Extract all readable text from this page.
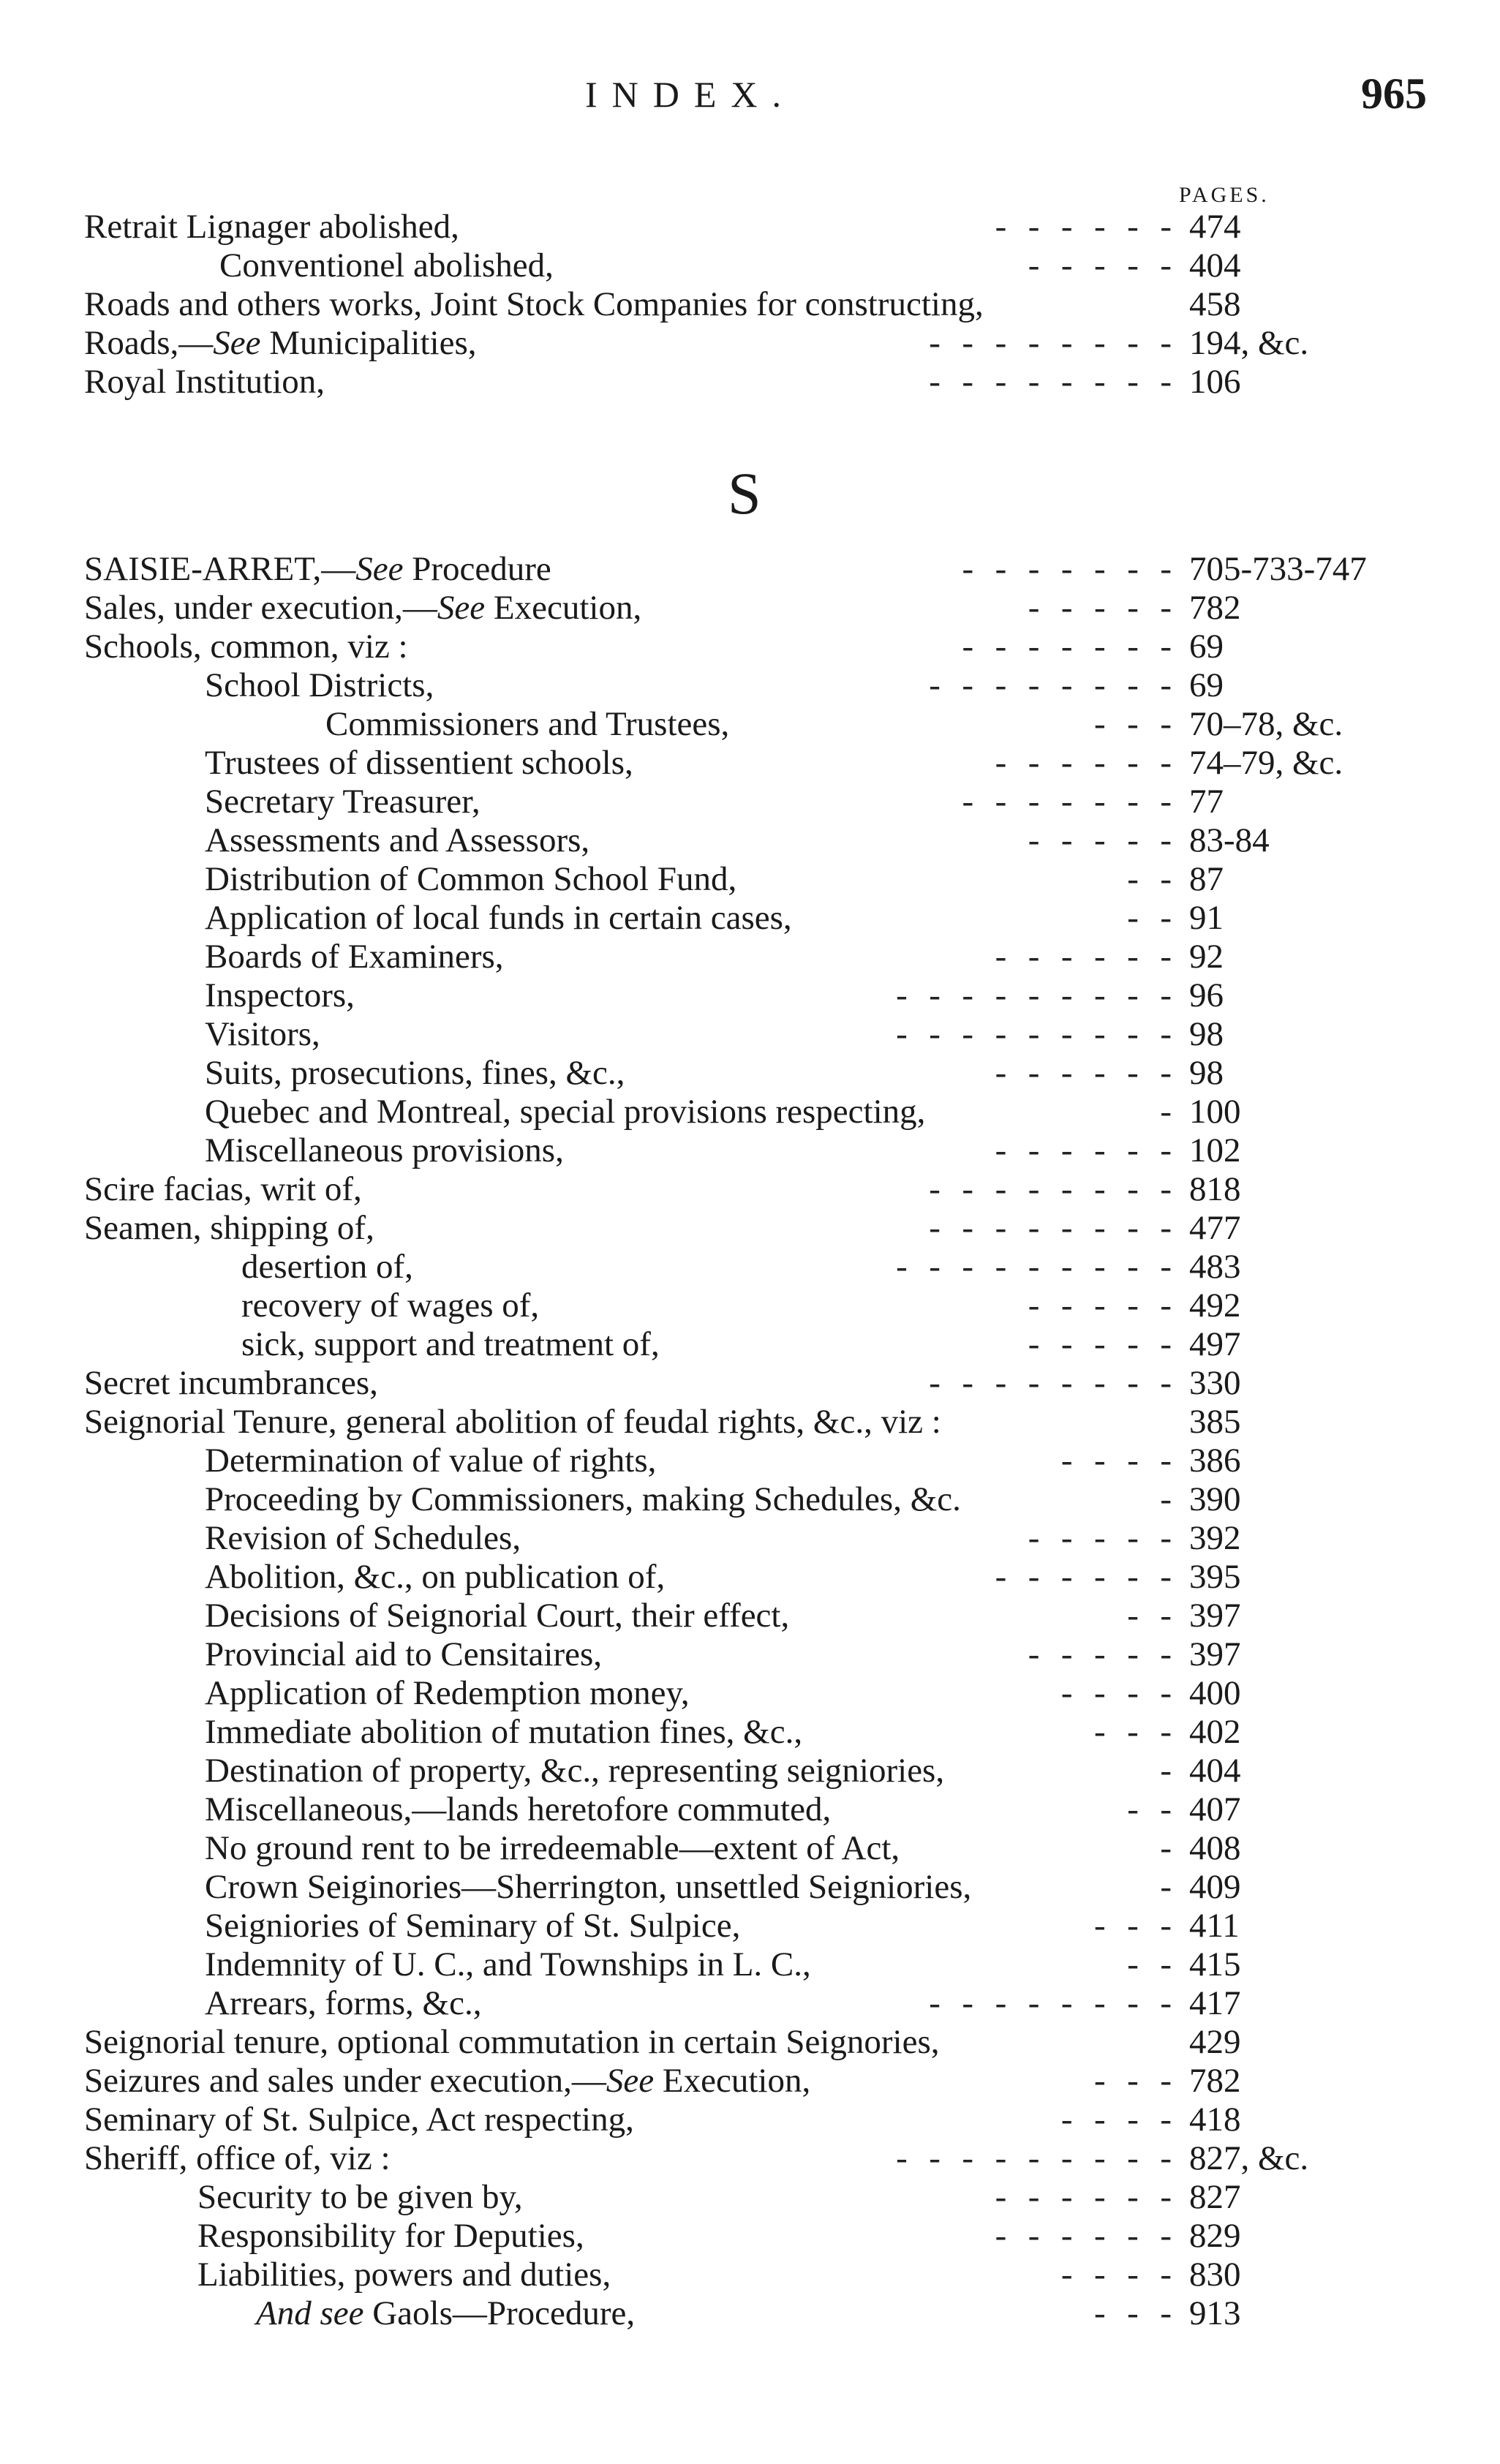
INDEX.	965
PAGES.
S
Retrait Lignager abolished,	474
-  -  -  -  -  -
Conventionel abolished,	404
-  -  -  -  -
Roads and others works, Joint Stock Companies for constructing,	458
Roads,—See Municipalities,	194, &c.
-  -  -  -  -  -  -  -
Royal Institution,	106
-  -  -  -  -  -  -  -
SAISIE-ARRET,—See Procedure	705-733-747
-  -  -  -  -  -  -
Sales, under execution,—See Execution,	782
-  -  -  -  -
Schools, common, viz :	69
-  -  -  -  -  -  -
School Districts,	69
-  -  -  -  -  -  -  -
Commissioners and Trustees,	70–78, &c.
-  -  -
Trustees of dissentient schools,	74–79, &c.
-  -  -  -  -  -
Secretary Treasurer,	77
-  -  -  -  -  -  -
Assessments and Assessors,	83-84
-  -  -  -  -
Distribution of Common School Fund,	87
-  -
Application of local funds in certain cases,	91
-  -
Boards of Examiners,	92
-  -  -  -  -  -
Inspectors,	96
-  -  -  -  -  -  -  -  -
Visitors,	98
-  -  -  -  -  -  -  -  -
Suits, prosecutions, fines, &c.,	98
-  -  -  -  -  -
Quebec and Montreal, special provisions respecting,	100
-
Miscellaneous provisions,	102
-  -  -  -  -  -
Scire facias, writ of,	818
-  -  -  -  -  -  -  -
Seamen, shipping of,	477
-  -  -  -  -  -  -  -
desertion of,	483
-  -  -  -  -  -  -  -  -
recovery of wages of,	492
-  -  -  -  -
sick, support and treatment of,	497
-  -  -  -  -
Secret incumbrances,	330
-  -  -  -  -  -  -  -
Seignorial Tenure, general abolition of feudal rights, &c., viz :	385
Determination of value of rights,	386
-  -  -  -
Proceeding by Commissioners, making Schedules, &c.	390
-
Revision of Schedules,	392
-  -  -  -  -
Abolition, &c., on publication of,	395
-  -  -  -  -  -
Decisions of Seignorial Court, their effect,	397
-  -
Provincial aid to Censitaires,	397
-  -  -  -  -
Application of Redemption money,	400
-  -  -  -
Immediate abolition of mutation fines, &c.,	402
-  -  -
Destination of property, &c., representing seigniories,	404
-
Miscellaneous,—lands heretofore commuted,	407
-  -
No ground rent to be irredeemable—extent of Act,	408
-
Crown Seiginories—Sherrington, unsettled Seigniories,	409
-
Seigniories of Seminary of St. Sulpice,	411
-  -  -
Indemnity of U. C., and Townships in L. C.,	415
-  -
Arrears, forms, &c.,	417
-  -  -  -  -  -  -  -
Seignorial tenure, optional commutation in certain Seignories,	429
Seizures and sales under execution,—See Execution,	782
-  -  -
Seminary of St. Sulpice, Act respecting,	418
-  -  -  -
Sheriff, office of, viz :	827, &c.
-  -  -  -  -  -  -  -  -
Security to be given by,	827
-  -  -  -  -  -
Responsibility for Deputies,	829
-  -  -  -  -  -
Liabilities, powers and duties,	830
-  -  -  -
And see Gaols—Procedure,	913
-  -  -
